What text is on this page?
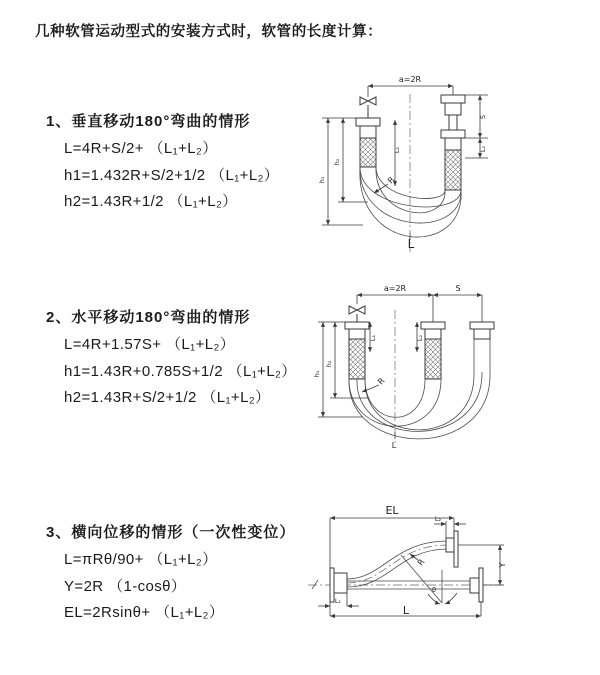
几种软管运动型式的安装方式时，软管的长度计算：
1、垂直移动180°弯曲的情形
L=4R+S/2+ （L₁+L₂）
h1=1.432R+S/2+1/2 （L₁+L₂）
h2=1.43R+1/2 （L₁+L₂）
2、水平移动180°弯曲的情形
L=4R+1.57S+ （L₁+L₂）
h1=1.43R+0.785S+1/2 （L₁+L₂）
h2=1.43R+S/2+1/2 （L₁+L₂）
3、横向位移的情形（一次性变位）
L=πRθ/90+ （L₁+L₂）
Y=2R （1-cosθ）
EL=2Rsinθ+ （L₁+L₂）
a=2R
h₂
h₁
L₁
S
L₂
R
L
a=2R	S
h₂
h₁
L₁	L₂
R
L
EL
L₂
Y
θ
R
L₁
L
